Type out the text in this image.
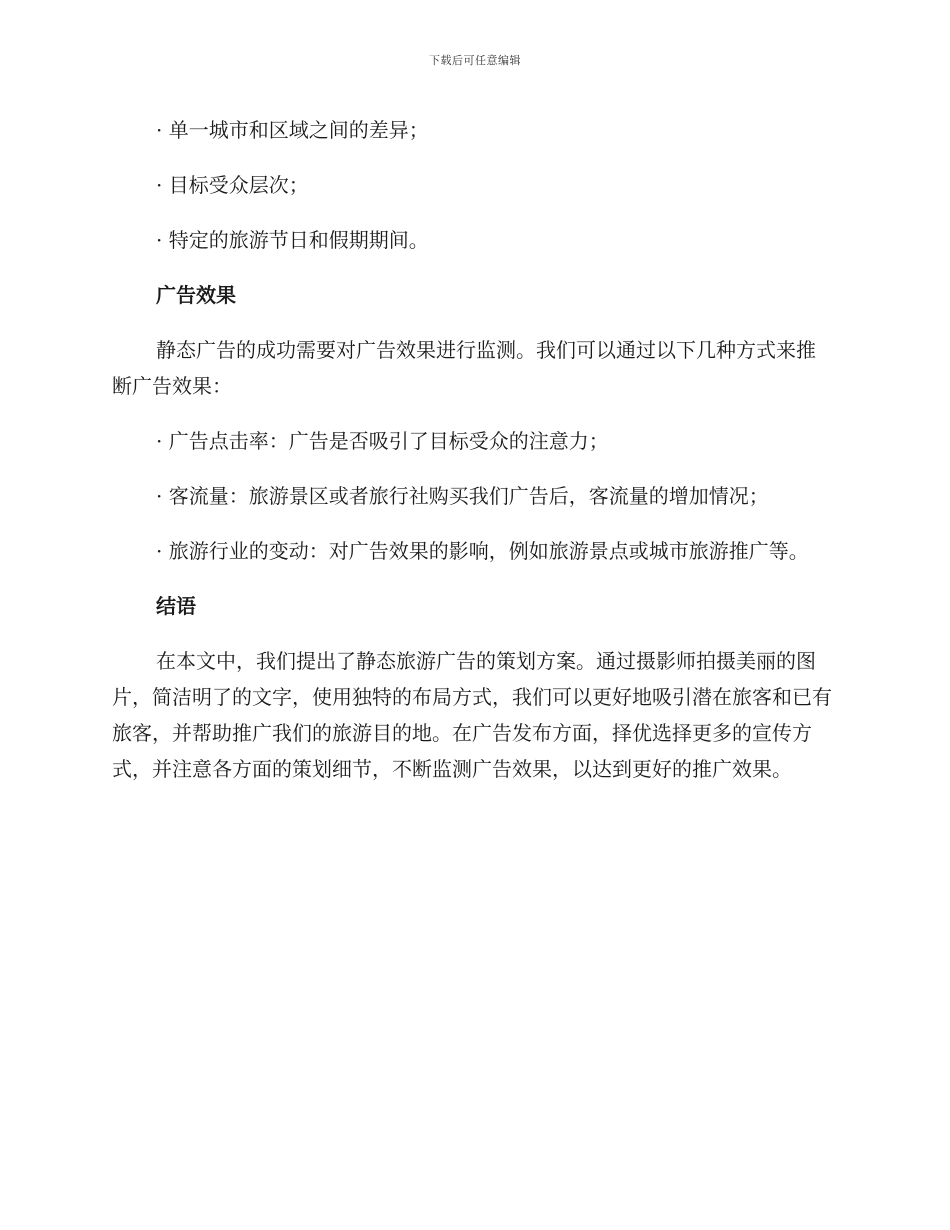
下载后可任意编辑

· 单一城市和区域之间的差异；

· 目标受众层次；

· 特定的旅游节日和假期期间。

广告效果

静态广告的成功需要对广告效果进行监测。我们可以通过以下几种方式来推断广告效果：

· 广告点击率：广告是否吸引了目标受众的注意力；

· 客流量：旅游景区或者旅行社购买我们广告后，客流量的增加情况；

· 旅游行业的变动：对广告效果的影响，例如旅游景点或城市旅游推广等。

结语

在本文中，我们提出了静态旅游广告的策划方案。通过摄影师拍摄美丽的图片，简洁明了的文字，使用独特的布局方式，我们可以更好地吸引潜在旅客和已有旅客，并帮助推广我们的旅游目的地。在广告发布方面，择优选择更多的宣传方式，并注意各方面的策划细节，不断监测广告效果，以达到更好的推广效果。
